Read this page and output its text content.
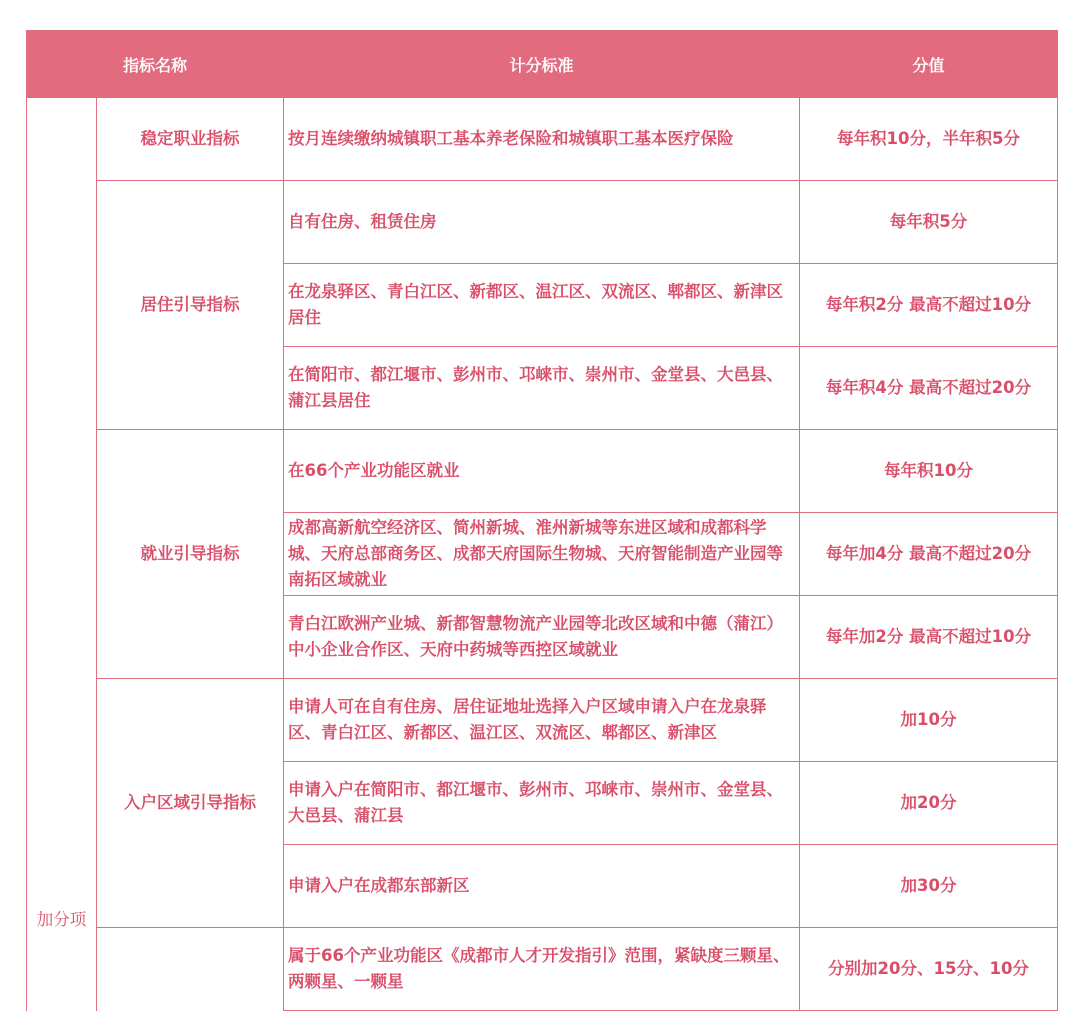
指标名称		计分标准	分值
加分项	稳定职业指标	按月连续缴纳城镇职工基本养老保险和城镇职工基本医疗保险	每年积10分，半年积5分
	居住引导指标	自有住房、租赁住房	每年积5分
		在龙泉驿区、青白江区、新都区、温江区、双流区、郫都区、新津区居住	每年积2分 最高不超过10分
		在简阳市、都江堰市、彭州市、邛崃市、崇州市、金堂县、大邑县、蒲江县居住	每年积4分 最高不超过20分
	就业引导指标	在66个产业功能区就业	每年积10分
		成都高新航空经济区、简州新城、淮州新城等东进区域和成都科学城、天府总部商务区、成都天府国际生物城、天府智能制造产业园等南拓区域就业	每年加4分 最高不超过20分
		青白江欧洲产业城、新都智慧物流产业园等北改区域和中德（蒲江）中小企业合作区、天府中药城等西控区域就业	每年加2分 最高不超过10分
	入户区域引导指标	申请人可在自有住房、居住证地址选择入户区域申请入户在龙泉驿区、青白江区、新都区、温江区、双流区、郫都区、新津区	加10分
		申请入户在简阳市、都江堰市、彭州市、邛崃市、崇州市、金堂县、大邑县、蒲江县	加20分
		申请入户在成都东部新区	加30分
		属于66个产业功能区《成都市人才开发指引》范围，紧缺度三颗星、两颗星、一颗星	分别加20分、15分、10分
